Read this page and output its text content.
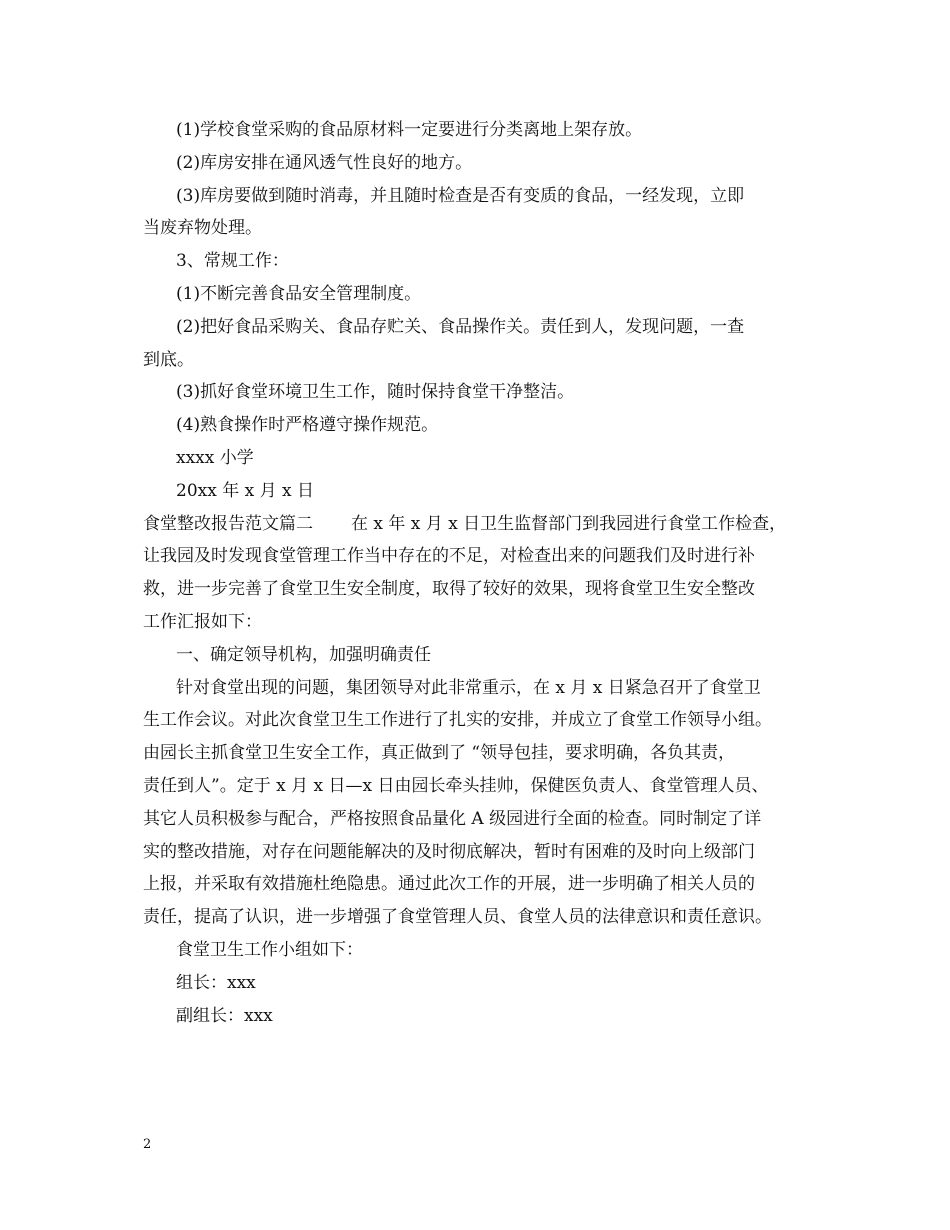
(1)学校食堂采购的食品原材料一定要进行分类离地上架存放。
(2)库房安排在通风透气性良好的地方。
(3)库房要做到随时消毒，并且随时检查是否有变质的食品，一经发现，立即
当废弃物处理。
3、常规工作：
(1)不断完善食品安全管理制度。
(2)把好食品采购关、食品存贮关、食品操作关。责任到人，发现问题，一查
到底。
(3)抓好食堂环境卫生工作，随时保持食堂干净整洁。
(4)熟食操作时严格遵守操作规范。
xxxx 小学
20xx 年 x 月 x 日
食堂整改报告范文篇二 在 x 年 x 月 x 日卫生监督部门到我园进行食堂工作检查，
让我园及时发现食堂管理工作当中存在的不足，对检查出来的问题我们及时进行补
救，进一步完善了食堂卫生安全制度，取得了较好的效果，现将食堂卫生安全整改
工作汇报如下：
一、确定领导机构，加强明确责任
针对食堂出现的问题，集团领导对此非常重示，在 x 月 x 日紧急召开了食堂卫
生工作会议。对此次食堂卫生工作进行了扎实的安排，并成立了食堂工作领导小组。
由园长主抓食堂卫生安全工作，真正做到了 “领导包挂，要求明确，各负其责，
责任到人”。定于 x 月 x 日—x 日由园长牵头挂帅，保健医负责人、食堂管理人员、
其它人员积极参与配合，严格按照食品量化 A 级园进行全面的检查。同时制定了详
实的整改措施，对存在问题能解决的及时彻底解决，暂时有困难的及时向上级部门
上报，并采取有效措施杜绝隐患。通过此次工作的开展，进一步明确了相关人员的
责任，提高了认识，进一步增强了食堂管理人员、食堂人员的法律意识和责任意识。
食堂卫生工作小组如下：
组长：xxx
副组长：xxx
2
